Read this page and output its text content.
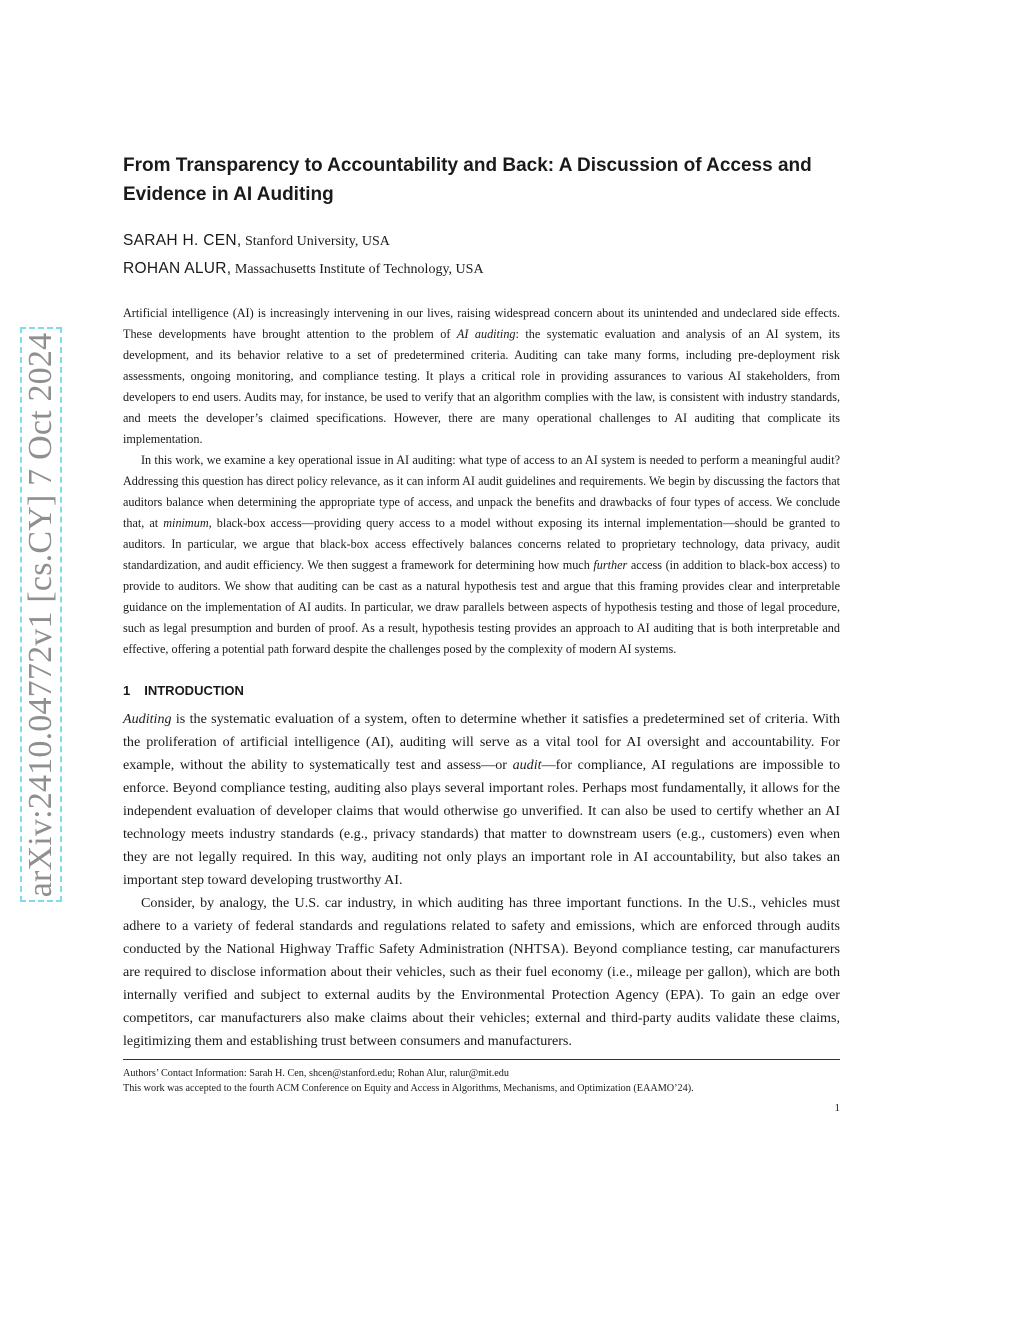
arXiv:2410.04772v1 [cs.CY] 7 Oct 2024
From Transparency to Accountability and Back: A Discussion of Access and Evidence in AI Auditing
SARAH H. CEN, Stanford University, USA
ROHAN ALUR, Massachusetts Institute of Technology, USA

Artificial intelligence (AI) is increasingly intervening in our lives, raising widespread concern about its unintended and undeclared side effects. These developments have brought attention to the problem of AI auditing: the systematic evaluation and analysis of an AI system, its development, and its behavior relative to a set of predetermined criteria. Auditing can take many forms, including pre-deployment risk assessments, ongoing monitoring, and compliance testing. It plays a critical role in providing assurances to various AI stakeholders, from developers to end users. Audits may, for instance, be used to verify that an algorithm complies with the law, is consistent with industry standards, and meets the developer’s claimed specifications. However, there are many operational challenges to AI auditing that complicate its implementation.

In this work, we examine a key operational issue in AI auditing: what type of access to an AI system is needed to perform a meaningful audit? Addressing this question has direct policy relevance, as it can inform AI audit guidelines and requirements. We begin by discussing the factors that auditors balance when determining the appropriate type of access, and unpack the benefits and drawbacks of four types of access. We conclude that, at minimum, black-box access—providing query access to a model without exposing its internal implementation—should be granted to auditors. In particular, we argue that black-box access effectively balances concerns related to proprietary technology, data privacy, audit standardization, and audit efficiency. We then suggest a framework for determining how much further access (in addition to black-box access) to provide to auditors. We show that auditing can be cast as a natural hypothesis test and argue that this framing provides clear and interpretable guidance on the implementation of AI audits. In particular, we draw parallels between aspects of hypothesis testing and those of legal procedure, such as legal presumption and burden of proof. As a result, hypothesis testing provides an approach to AI auditing that is both interpretable and effective, offering a potential path forward despite the challenges posed by the complexity of modern AI systems.

1 INTRODUCTION

Auditing is the systematic evaluation of a system, often to determine whether it satisfies a predetermined set of criteria. With the proliferation of artificial intelligence (AI), auditing will serve as a vital tool for AI oversight and accountability. For example, without the ability to systematically test and assess—or audit—for compliance, AI regulations are impossible to enforce. Beyond compliance testing, auditing also plays several important roles. Perhaps most fundamentally, it allows for the independent evaluation of developer claims that would otherwise go unverified. It can also be used to certify whether an AI technology meets industry standards (e.g., privacy standards) that matter to downstream users (e.g., customers) even when they are not legally required. In this way, auditing not only plays an important role in AI accountability, but also takes an important step toward developing trustworthy AI.

Consider, by analogy, the U.S. car industry, in which auditing has three important functions. In the U.S., vehicles must adhere to a variety of federal standards and regulations related to safety and emissions, which are enforced through audits conducted by the National Highway Traffic Safety Administration (NHTSA). Beyond compliance testing, car manufacturers are required to disclose information about their vehicles, such as their fuel economy (i.e., mileage per gallon), which are both internally verified and subject to external audits by the Environmental Protection Agency (EPA). To gain an edge over competitors, car manufacturers also make claims about their vehicles; external and third-party audits validate these claims, legitimizing them and establishing trust between consumers and manufacturers.

Authors’ Contact Information: Sarah H. Cen, shcen@stanford.edu; Rohan Alur, ralur@mit.edu
This work was accepted to the fourth ACM Conference on Equity and Access in Algorithms, Mechanisms, and Optimization (EAAMO’24).
1
